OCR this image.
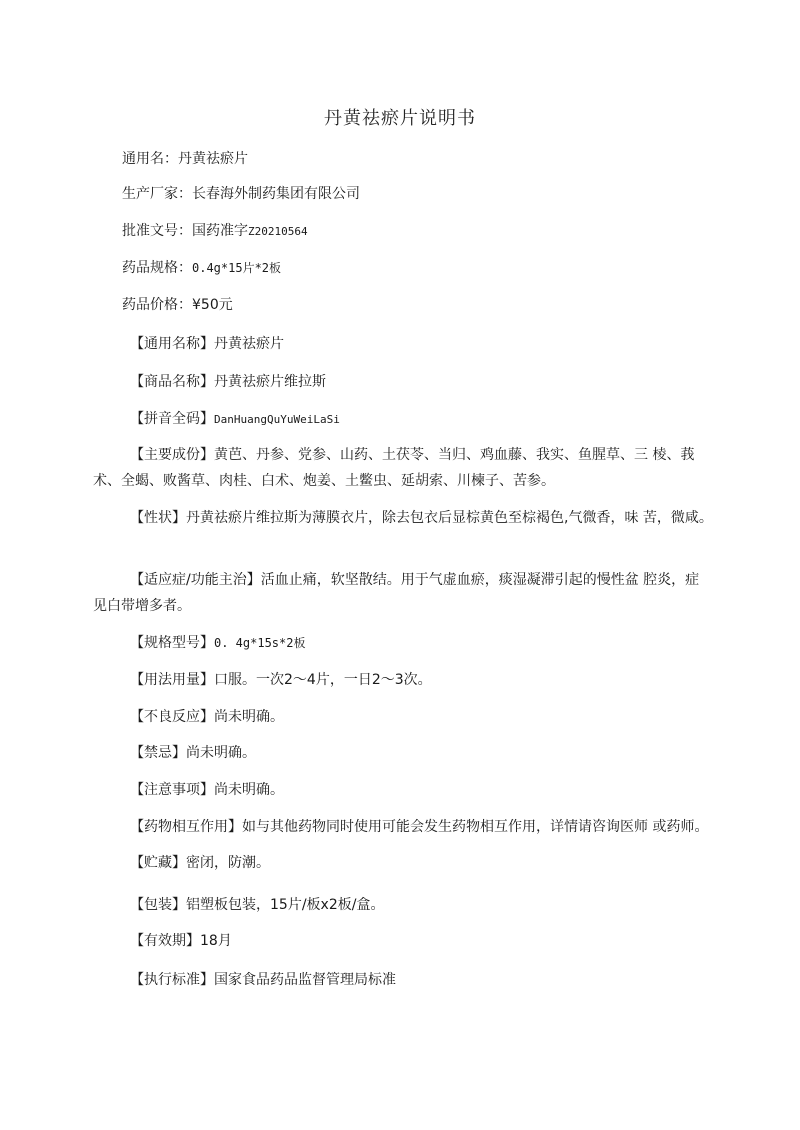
丹黄祛瘀片说明书
通用名：丹黄祛瘀片
生产厂家：长春海外制药集团有限公司
批准文号：国药准字Z20210564
药品规格：0.4g*15片*2板
药品价格：¥50元
【通用名称】丹黄祛瘀片
【商品名称】丹黄祛瘀片维拉斯
【拼音全码】DanHuangQuYuWeiLaSi
【主要成份】黄芭、丹参、党参、山药、土茯苓、当归、鸡血藤、我实、鱼腥草、三 棱、莪术、全蝎、败酱草、肉桂、白术、炮姜、土鳖虫、延胡索、川楝子、苦参。
【性状】丹黄祛瘀片维拉斯为薄膜衣片，除去包衣后显棕黄色至棕褐色,气微香，味 苦，微咸。
【适应症/功能主治】活血止痛，软坚散结。用于气虚血瘀，痰湿凝滞引起的慢性盆 腔炎，症见白带增多者。
【规格型号】0. 4g*15s*2板
【用法用量】口服。一次2～4片，一日2～3次。
【不良反应】尚未明确。
【禁忌】尚未明确。
【注意事项】尚未明确。
【药物相互作用】如与其他药物同时使用可能会发生药物相互作用，详情请咨询医师 或药师。
【贮藏】密闭，防潮。
【包装】铝塑板包装，15片/板x2板/盒。
【有效期】18月
【执行标准】国家食品药品监督管理局标准
